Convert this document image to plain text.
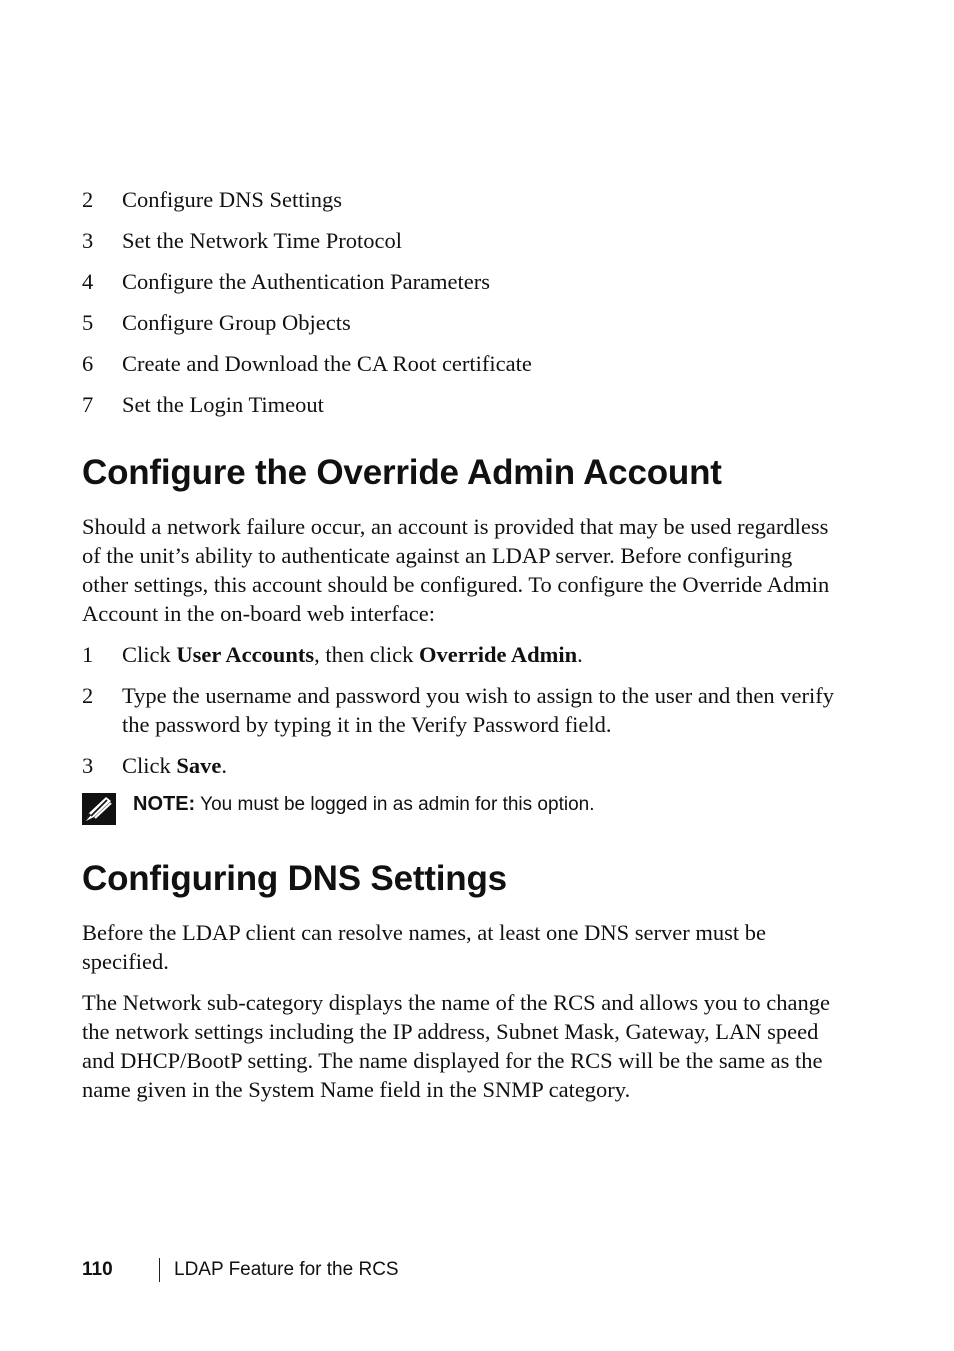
2	Configure DNS Settings
3	Set the Network Time Protocol
4	Configure the Authentication Parameters
5	Configure Group Objects
6	Create and Download the CA Root certificate
7	Set the Login Timeout
Configure the Override Admin Account

Should a network failure occur, an account is provided that may be used regardless of the unit’s ability to authenticate against an LDAP server. Before configuring other settings, this account should be configured. To configure the Override Admin Account in the on-board web interface:

1	Click User Accounts, then click Override Admin.
2	Type the username and password you wish to assign to the user and then verify the password by typing it in the Verify Password field.
3	Click Save.
NOTE: You must be logged in as admin for this option.
Configuring DNS Settings

Before the LDAP client can resolve names, at least one DNS server must be specified.

The Network sub-category displays the name of the RCS and allows you to change the network settings including the IP address, Subnet Mask, Gateway, LAN speed and DHCP/BootP setting. The name displayed for the RCS will be the same as the name given in the System Name field in the SNMP category.

110	LDAP Feature for the RCS
